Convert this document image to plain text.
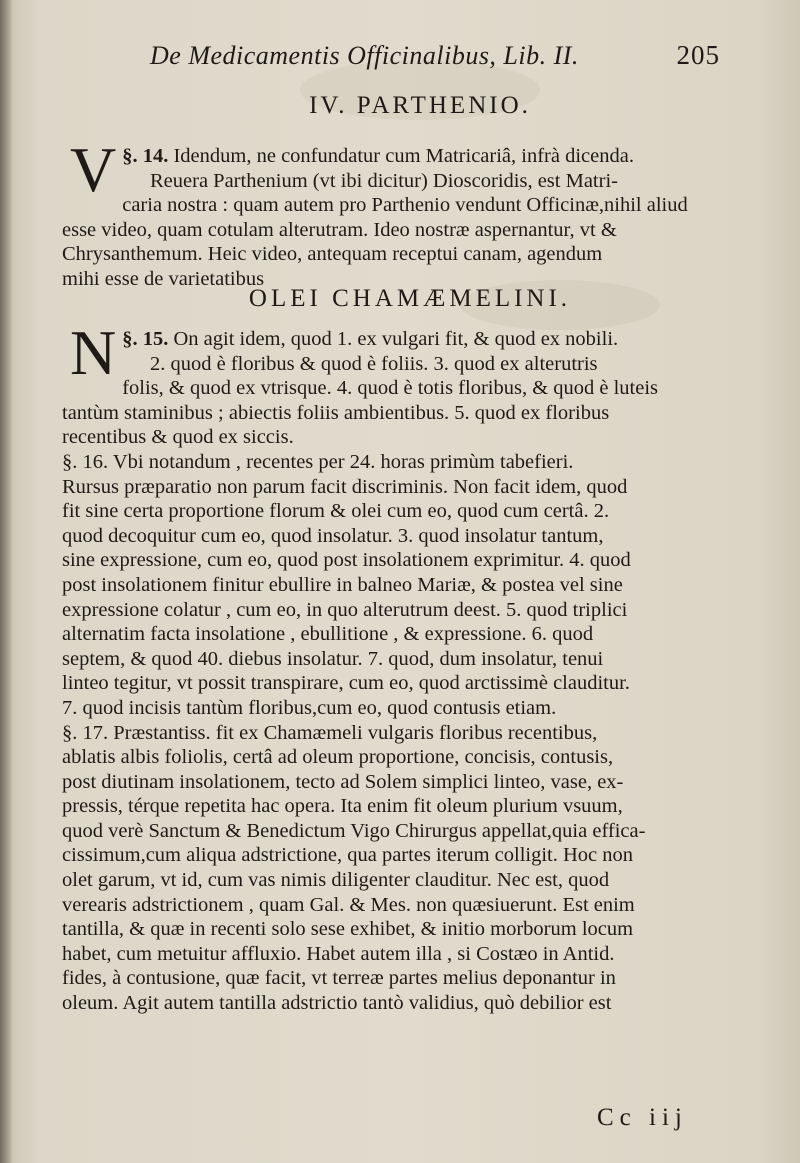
De Medicamentis Officinalibus, Lib. II.	205
IV. PARTHENIO.
§. 14.
V	Idendum, ne confundatur cum Matricariâ, infrà dicenda.
Reuera Parthenium (vt ibi dicitur) Dioscoridis, est Matri-
caria nostra : quam autem pro Parthenio vendunt Officinæ,nihil aliud
esse video, quam cotulam alterutram. Ideo nostræ aspernantur, vt &
Chrysanthemum. Heic video, antequam receptui canam, agendum
mihi esse de varietatibus
OLEI CHAMÆMELINI.
§. 15.
N	On agit idem, quod 1. ex vulgari fit, & quod ex nobili.
2. quod è floribus & quod è foliis. 3. quod ex alterutris
folis, & quod ex vtrisque. 4. quod è totis floribus, & quod è luteis
tantùm staminibus ; abiectis foliis ambientibus. 5. quod ex floribus
recentibus & quod ex siccis.
§. 16. Vbi notandum , recentes per 24. horas primùm tabefieri.
Rursus præparatio non parum facit discriminis. Non facit idem, quod
fit sine certa proportione florum & olei cum eo, quod cum certâ. 2.
quod decoquitur cum eo, quod insolatur. 3. quod insolatur tantum,
sine expressione, cum eo, quod post insolationem exprimitur. 4. quod
post insolationem finitur ebullire in balneo Mariæ, & postea vel sine
expressione colatur , cum eo, in quo alterutrum deest. 5. quod triplici
alternatim facta insolatione , ebullitione , & expressione. 6. quod
septem, & quod 40. diebus insolatur. 7. quod, dum insolatur, tenui
linteo tegitur, vt possit transpirare, cum eo, quod arctissimè clauditur.
7. quod incisis tantùm floribus,cum eo, quod contusis etiam.
§. 17. Præstantiss. fit ex Chamæmeli vulgaris floribus recentibus,
ablatis albis foliolis, certâ ad oleum proportione, concisis, contusis,
post diutinam insolationem, tecto ad Solem simplici linteo, vase, ex-
pressis, térque repetita hac opera. Ita enim fit oleum plurium vsuum,
quod verè Sanctum & Benedictum Vigo Chirurgus appellat,quia effica-
cissimum,cum aliqua adstrictione, qua partes iterum colligit. Hoc non
olet garum, vt id, cum vas nimis diligenter clauditur. Nec est, quod
verearis adstrictionem , quam Gal. & Mes. non quæsiuerunt. Est enim
tantilla, & quæ in recenti solo sese exhibet, & initio morborum locum
habet, cum metuitur affluxio. Habet autem illa , si Costæo in Antid.
fides, à contusione, quæ facit, vt terreæ partes melius deponantur in
oleum. Agit autem tantilla adstrictio tantò validius, quò debilior est
Cc iij
